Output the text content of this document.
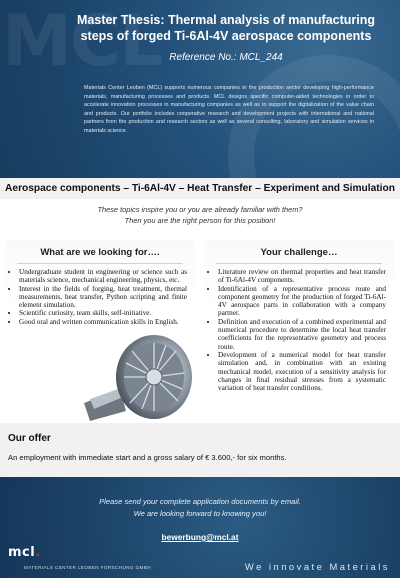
MCL
Master Thesis: Thermal analysis of manufacturing
steps of forged Ti-6Al-4V aerospace components
Reference No.: MCL_244
Materials Center Leoben (MCL) supports numerous companies in the production sector developing high-performance materials, manufacturing processes and products. MCL designs specific computer-aided technologies in order to accelerate innovation processes in manufacturing companies as well as to support the digitalization of the value chain and products. Our portfolio includes cooperative research and development projects with international and national partners from the production and research sectors as well as several consulting, laboratory and simulation services in materials science.
Aerospace components – Ti-6Al-4V – Heat Transfer – Experiment and Simulation
These topics inspire you or you are already familiar with them?
Then you are the right person for this position!
What are we looking for….
• Undergraduate student in engineering or science such as materials science, mechanical engineering, physics, etc.
• Interest in the fields of forging, heat treatment, thermal measurements, heat transfer, Python scripting and finite element simulation.
• Scientific curiosity, team skills, self-initiative.
• Good oral and written communication skills in English.
Your challenge…
• Literature review on thermal properties and heat transfer of Ti-6Al-4V components.
• Identification of a representative process route and component geometry for the production of forged Ti-6Al-4V aerospace parts in collaboration with a company partner.
• Definition and execution of a combined experimental and numerical procedure to determine the local heat transfer coefficients for the representative geometry and process route.
• Development of a numerical model for heat transfer simulation and, in combination with an existing mechanical model, execution of a sensitivity analysis for changes in final residual stresses from a systematic variation of heat transfer conditions.
Our offer
An employment with immediate start and a gross salary of € 3.600,- for six months.
Please send your complete application documents by email.
We are looking forward to knowing you!
bewerbung@mcl.at
mcl.
MATERIALS CENTER LEOBEN FORSCHUNG GMBH	We innovate Materials
